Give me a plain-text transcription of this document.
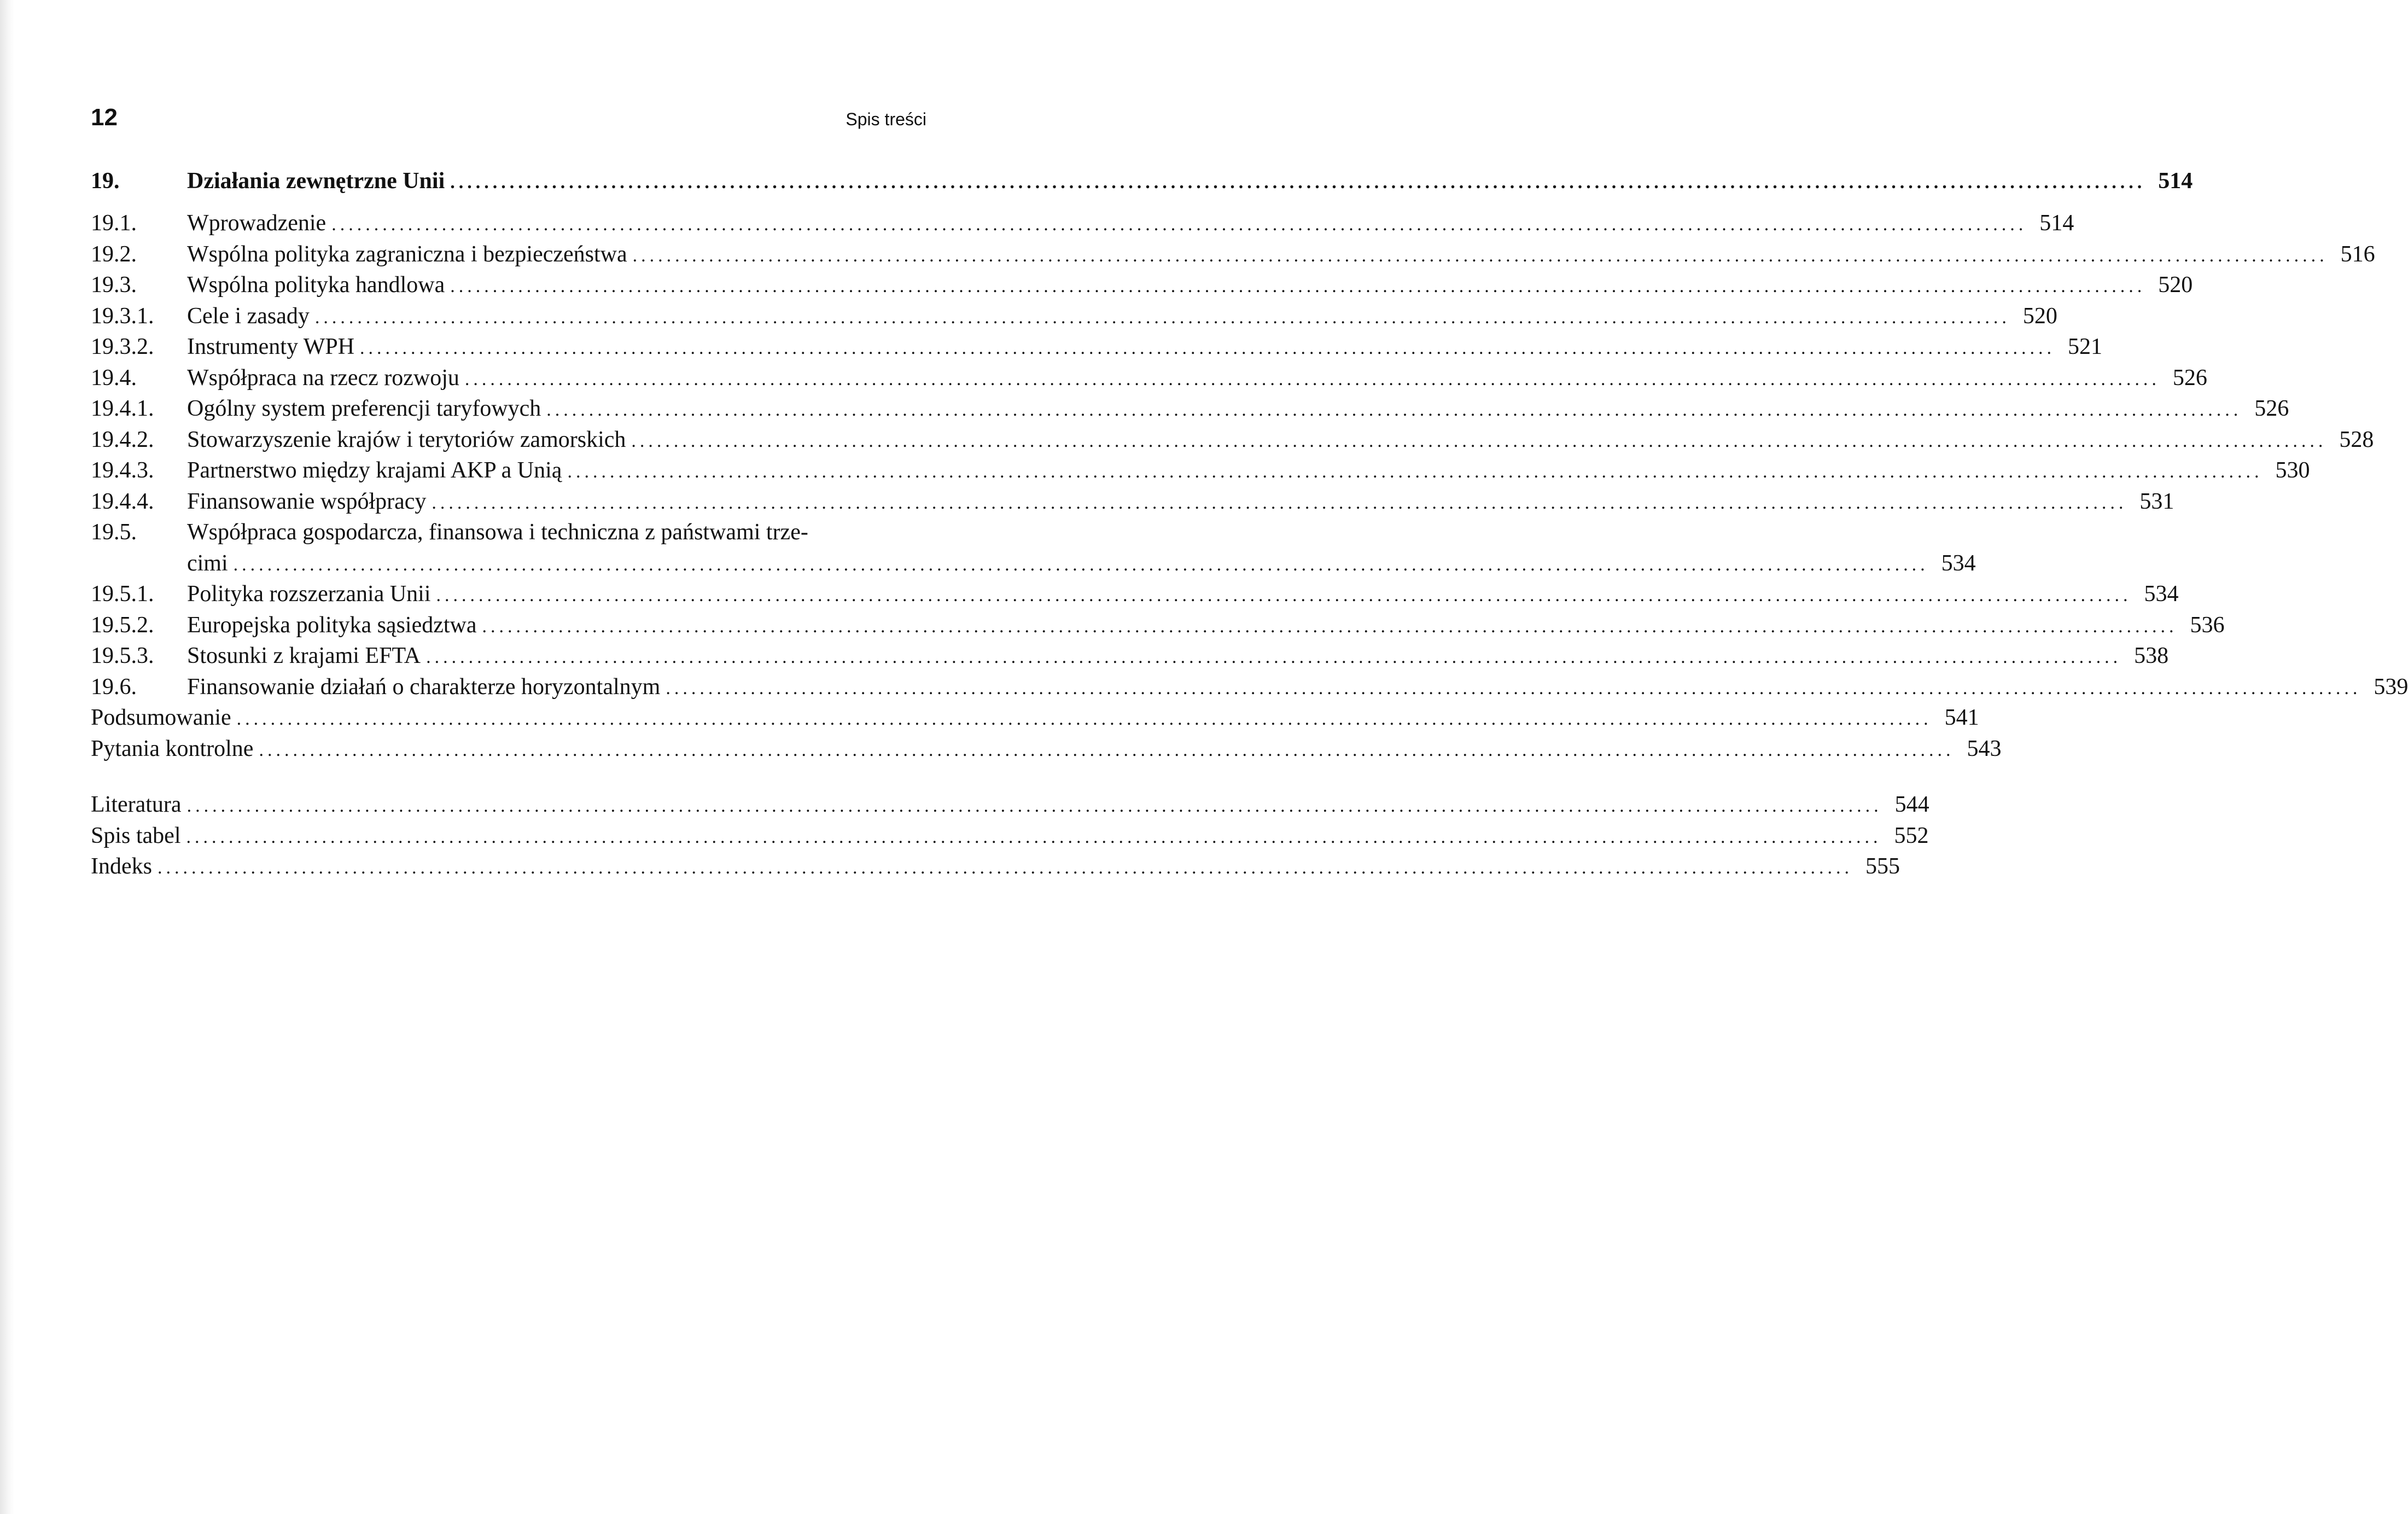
12	Spis treści
19.	Działania zewnętrzne Unii ........................................................................................................................................................................................................ 514
19.1.	Wprowadzenie ........................................................................................................................................................................................................ 514
19.2.	Wspólna polityka zagraniczna i bezpieczeństwa ........................................................................................................................................................................................................ 516
19.3.	Wspólna polityka handlowa ........................................................................................................................................................................................................ 520
19.3.1.	Cele i zasady ........................................................................................................................................................................................................ 520
19.3.2.	Instrumenty WPH ........................................................................................................................................................................................................ 521
19.4.	Współpraca na rzecz rozwoju ........................................................................................................................................................................................................ 526
19.4.1.	Ogólny system preferencji taryfowych ........................................................................................................................................................................................................ 526
19.4.2.	Stowarzyszenie krajów i terytoriów zamorskich ........................................................................................................................................................................................................ 528
19.4.3.	Partnerstwo między krajami AKP a Unią ........................................................................................................................................................................................................ 530
19.4.4.	Finansowanie współpracy ........................................................................................................................................................................................................ 531
19.5.	Współpraca gospodarcza, finansowa i techniczna z państwami trze-
cimi ........................................................................................................................................................................................................ 534
19.5.1.	Polityka rozszerzania Unii ........................................................................................................................................................................................................ 534
19.5.2.	Europejska polityka sąsiedztwa ........................................................................................................................................................................................................ 536
19.5.3.	Stosunki z krajami EFTA ........................................................................................................................................................................................................ 538
19.6.	Finansowanie działań o charakterze horyzontalnym ........................................................................................................................................................................................................ 539
Podsumowanie ........................................................................................................................................................................................................ 541
Pytania kontrolne ........................................................................................................................................................................................................ 543
Literatura ........................................................................................................................................................................................................ 544
Spis tabel ........................................................................................................................................................................................................ 552
Indeks ........................................................................................................................................................................................................ 555
